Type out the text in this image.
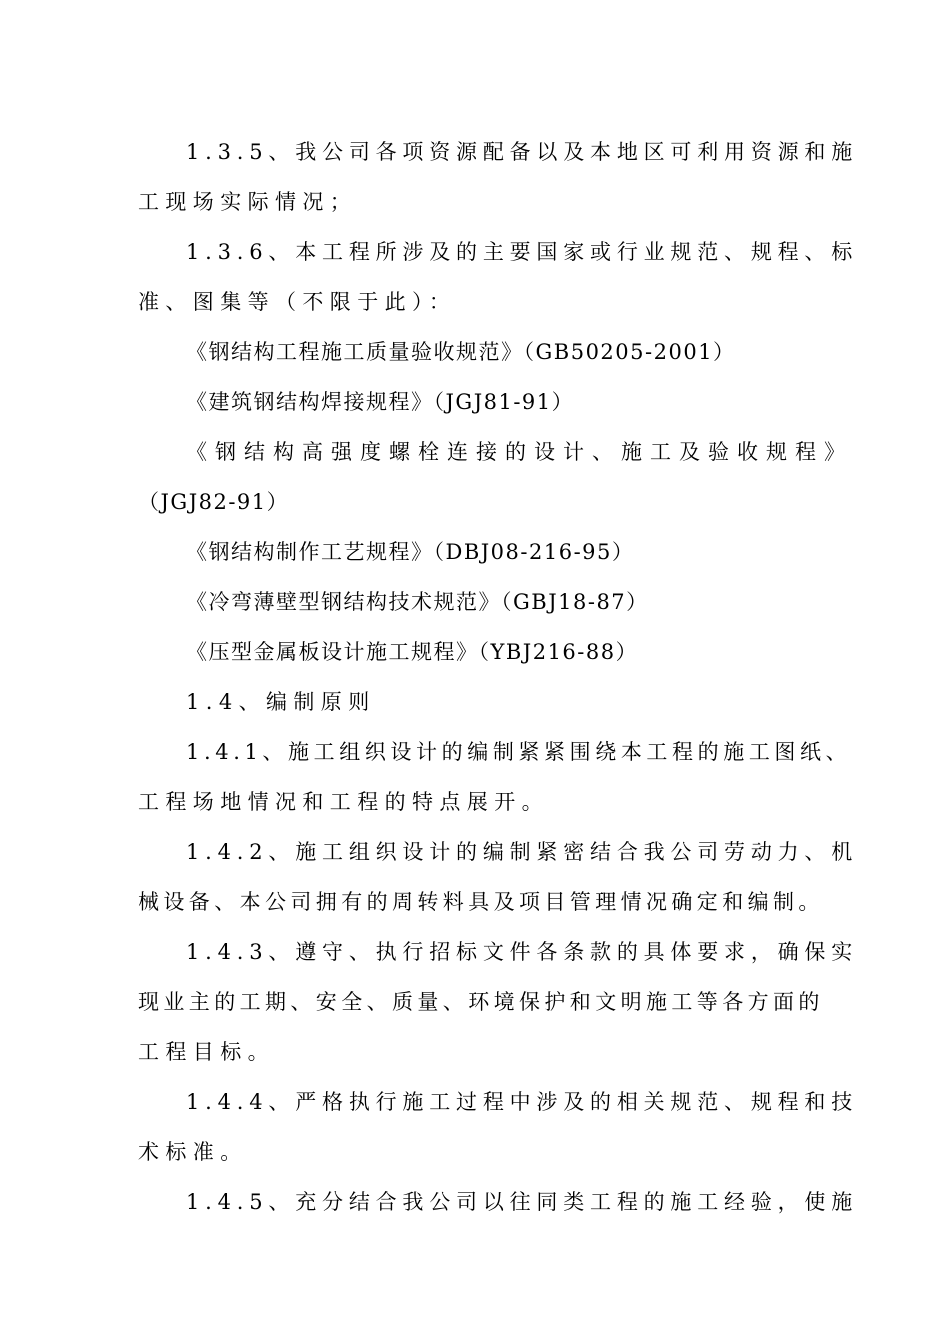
1.3.5、我公司各项资源配备以及本地区可利用资源和施
工现场实际情况；
1.3.6、本工程所涉及的主要国家或行业规范、规程、标
准、图集等（不限于此）：
《钢结构工程施工质量验收规范》（GB50205-2001）
《建筑钢结构焊接规程》（JGJ81-91）
《钢结构高强度螺栓连接的设计、施工及验收规程》
（JGJ82-91）
《钢结构制作工艺规程》（DBJ08-216-95）
《冷弯薄壁型钢结构技术规范》（GBJ18-87）
《压型金属板设计施工规程》（YBJ216-88）
1.4、编制原则
1.4.1、施工组织设计的编制紧紧围绕本工程的施工图纸、
工程场地情况和工程的特点展开。
1.4.2、施工组织设计的编制紧密结合我公司劳动力、机
械设备、本公司拥有的周转料具及项目管理情况确定和编制。
1.4.3、遵守、执行招标文件各条款的具体要求，确保实
现业主的工期、安全、质量、环境保护和文明施工等各方面的
工程目标。
1.4.4、严格执行施工过程中涉及的相关规范、规程和技
术标准。
1.4.5、充分结合我公司以往同类工程的施工经验，使施
